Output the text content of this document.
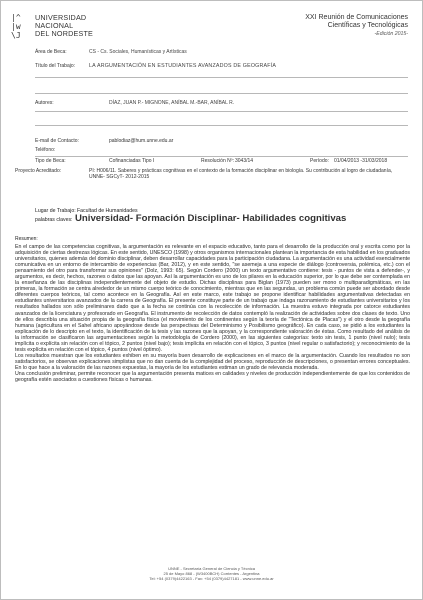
|^
|w
\J
UNIVERSIDAD
NACIONAL
DEL NORDESTE
XXI Reunión de Comunicaciones
Científicas y Tecnológicas
-Edición 2015-
Área de Beca:	CS - Cs. Sociales, Humanísticas y Artísticas
Título del Trabajo:	LA ARGUMENTACIÓN EN ESTUDIANTES AVANZADOS DE GEOGRAFÍA
Autores:	DÍAZ, JUAN P.- MIGNONE, ANÍBAL M.-BAR, ANÍBAL R.
E-mail de Contacto:	pablodiaz@hum.unne.edu.ar
Teléfono:
Tipo de Beca:	Cofinanciadas Tipo I	Resolución Nº: 3043/14	Período: 01/04/2013 -31/03/2018
Proyecto Acreditado:	PI: H006/11. Saberes y prácticas cognitivas en el contexto de la formación disciplinar en biología. Su contribución al logro de ciudadanía, UNNE- SGCyT- 2012-2015
Lugar de Trabajo: Facultad de Humanidades
palabras claves: Universidad- Formación Disciplinar- Habilidades cognitivas
Resumen:

En el campo de las competencias cognitivas, la argumentación es relevante en el espacio educativo, tanto para el desarrollo de la producción oral y escrita como por la adquisición de ciertas destrezas lógicas. En este sentido, UNESCO (1998) y otros organismos internacionales plantean la importancia de esta habilidad en los graduados universitarios, quienes además del dominio disciplinar, deben desarrollar capacidades para la participación ciudadana. La argumentación es una actividad esencialmente comunicativa en un entorno de intercambio de experiencias (Bar, 2012), y en este sentido, "se asemeja a una especie de diálogo (controversia, polémica, etc.) con el pensamiento del otro para transformar sus opiniones" (Dolz, 1993: 65). Según Cordero (2000) un texto argumentativo contiene: tesis - puntos de vista a defender-, y argumentos, es decir, hechos, razones o datos que las apoyan. Así la argumentación es uno de los pilares en la educación superior, por lo que debe ser contemplada en la enseñanza de las disciplinas independientemente del objeto de estudio. Dichas disciplinas para Biglan (1973) pueden ser mono o multiparadigmáticas, en las primeras, la formación se centra alrededor de un mismo cuerpo teórico de conocimiento, mientras que en las segundas, un problema común puede ser abordado desde diferentes cuerpos teóricos, tal como acontece en la Geografía. Así en este marco, este trabajo se propone identificar habilidades argumentativas detectadas en estudiantes universitarios avanzados de la carrera de Geografía. El presente constituye parte de un trabajo que indaga razonamiento de estudiantes universitarios y los resultados hallados son sólo preliminares dado que a la fecha se continúa con la recolección de información. La muestra estuvo integrada por catorce estudiantes avanzados de la licenciatura y profesorado en Geografía. El instrumento de recolección de datos contempló la realización de actividades sobre dos clases de texto. Uno de ellos describía una situación propia de la geografía física (el movimiento de los continentes según la teoría de "Tectónica de Placas") y el otro desde la geografía humana (agricultura en el Sahel africano apoyándose desde las perspectivas del Determinismo y Posibilismo geográfico). En cada caso, se pidió a los estudiantes la explicación de lo descripto en el texto, la identificación de la tesis y las razones que la apoyan, y la correspondiente valoración de éstas. Como resultado del análisis de la información se clasificaron las argumentaciones según la metodología de Cordero (2000), en las siguientes categorías: texto sin tesis, 1 punto (nivel nulo); tesis implícita o explícita sin relación con el tópico, 2 puntos (nivel bajo); tesis implícita en relación con el tópico, 3 puntos (nivel regular o satisfactorio); y reconocimiento de la tesis explícita en relación con el tópico, 4 puntos (nivel óptimo).

Los resultados muestran que los estudiantes exhiben en su mayoría buen desarrollo de explicaciones en el marco de la argumentación. Cuando los resultados no son satisfactorios, se observan explicaciones simplistas que no dan cuenta de la complejidad del proceso, reproducción de descripciones, o presentan errores conceptuales. En lo que hace a la valoración de las razones expuestas, la mayoría de los estudiantes estiman un grado de relevancia moderada.

Una conclusión preliminar, permite reconocer que la argumentación presenta matices en calidades y niveles de producción independientemente de que los contenidos de geografía estén asociados a cuestiones físicas o humanas.

UNNE - Secretaría General de Ciencia y Técnica
25 de Mayo 868 - (W3400BCH) Corrientes - Argentina
Tel: +54 (0379)4422163 - Fax: +54 (0379)4427181 - www.unne.edu.ar
